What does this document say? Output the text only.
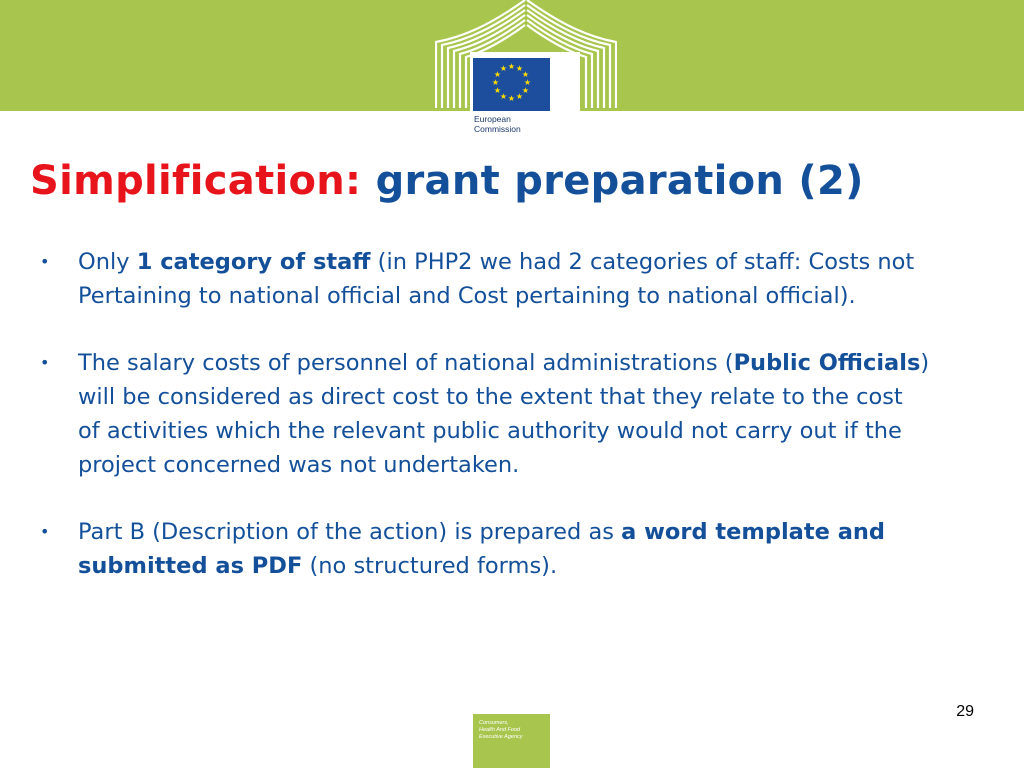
★ ★
★
★
★
★
★
★
★
★
★
★
European
Commission
Simplification: grant preparation (2)
• Only 1 category of staff (in PHP2 we had 2 categories of staff: Costs not Pertaining to national official and Cost pertaining to national official).
• The salary costs of personnel of national administrations (Public Officials) will be considered as direct cost to the extent that they relate to the cost of activities which the relevant public authority would not carry out if the project concerned was not undertaken.
• Part B (Description of the action) is prepared as a word template and submitted as PDF (no structured forms).
29
Consumers,
Health And Food
Executive Agency
